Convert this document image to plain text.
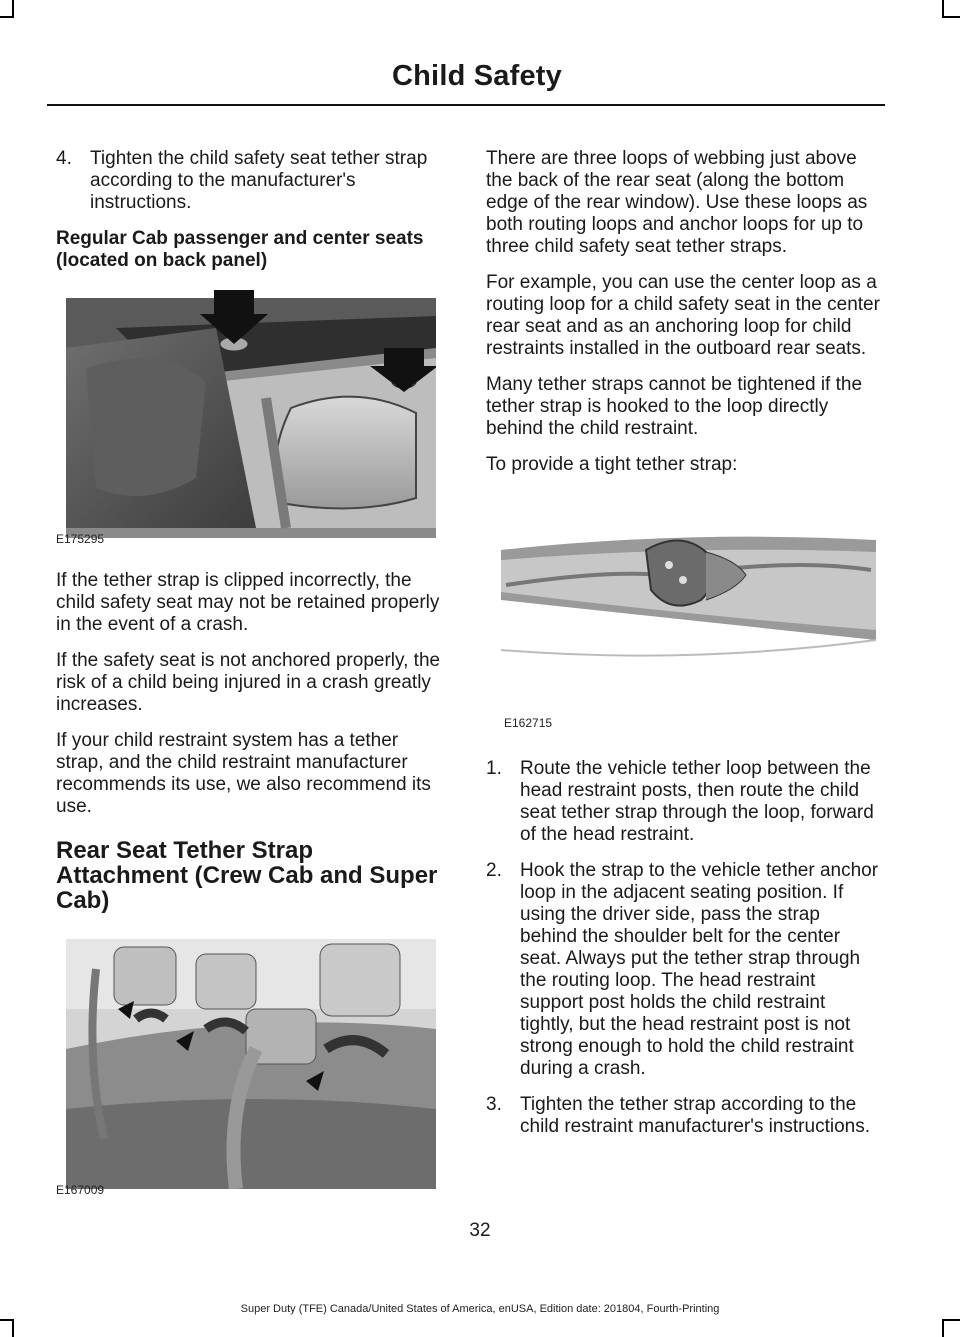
Child Safety
4. Tighten the child safety seat tether strap according to the manufacturer's instructions.
Regular Cab passenger and center seats (located on back panel)
E175295

If the tether strap is clipped incorrectly, the child safety seat may not be retained properly in the event of a crash.

If the safety seat is not anchored properly, the risk of a child being injured in a crash greatly increases.

If your child restraint system has a tether strap, and the child restraint manufacturer recommends its use, we also recommend its use.

Rear Seat Tether Strap Attachment (Crew Cab and Super Cab)
E167009

There are three loops of webbing just above the back of the rear seat (along the bottom edge of the rear window). Use these loops as both routing loops and anchor loops for up to three child safety seat tether straps.

For example, you can use the center loop as a routing loop for a child safety seat in the center rear seat and as an anchoring loop for child restraints installed in the outboard rear seats.

Many tether straps cannot be tightened if the tether strap is hooked to the loop directly behind the child restraint.

To provide a tight tether strap:

E162715
1. Route the vehicle tether loop between the head restraint posts, then route the child seat tether strap through the loop, forward of the head restraint.
2. Hook the strap to the vehicle tether anchor loop in the adjacent seating position. If using the driver side, pass the strap behind the shoulder belt for the center seat. Always put the tether strap through the routing loop. The head restraint support post holds the child restraint tightly, but the head restraint post is not strong enough to hold the child restraint during a crash.
3. Tighten the tether strap according to the child restraint manufacturer's instructions.
32
Super Duty (TFE) Canada/United States of America, enUSA, Edition date: 201804, Fourth-Printing
